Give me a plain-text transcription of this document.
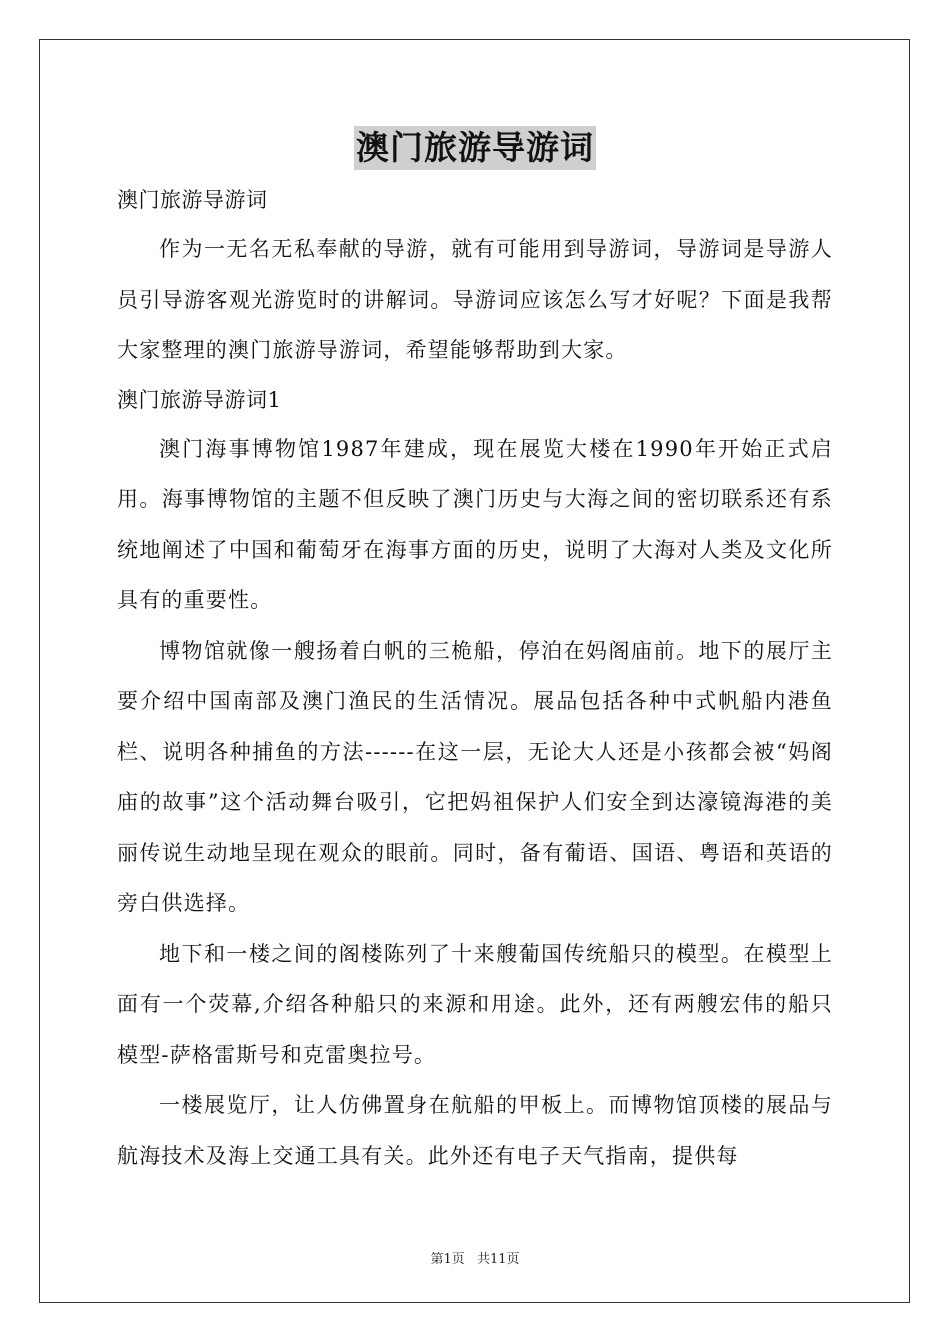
澳门旅游导游词

澳门旅游导游词

作为一无名无私奉献的导游，就有可能用到导游词，导游词是导游人员引导游客观光游览时的讲解词。导游词应该怎么写才好呢？下面是我帮大家整理的澳门旅游导游词，希望能够帮助到大家。

澳门旅游导游词1

澳门海事博物馆1987年建成，现在展览大楼在1990年开始正式启用。海事博物馆的主题不但反映了澳门历史与大海之间的密切联系还有系统地阐述了中国和葡萄牙在海事方面的历史，说明了大海对人类及文化所具有的重要性。

博物馆就像一艘扬着白帆的三桅船，停泊在妈阁庙前。地下的展厅主要介绍中国南部及澳门渔民的生活情况。展品包括各种中式帆船内港鱼栏、说明各种捕鱼的方法------在这一层，无论大人还是小孩都会被“妈阁庙的故事”这个活动舞台吸引，它把妈祖保护人们安全到达濠镜海港的美丽传说生动地呈现在观众的眼前。同时，备有葡语、国语、粤语和英语的旁白供选择。

地下和一楼之间的阁楼陈列了十来艘葡国传统船只的模型。在模型上面有一个荧幕,介绍各种船只的来源和用途。此外，还有两艘宏伟的船只模型-萨格雷斯号和克雷奥拉号。

一楼展览厅，让人仿佛置身在航船的甲板上。而博物馆顶楼的展品与航海技术及海上交通工具有关。此外还有电子天气指南，提供每

第1页 共11页
